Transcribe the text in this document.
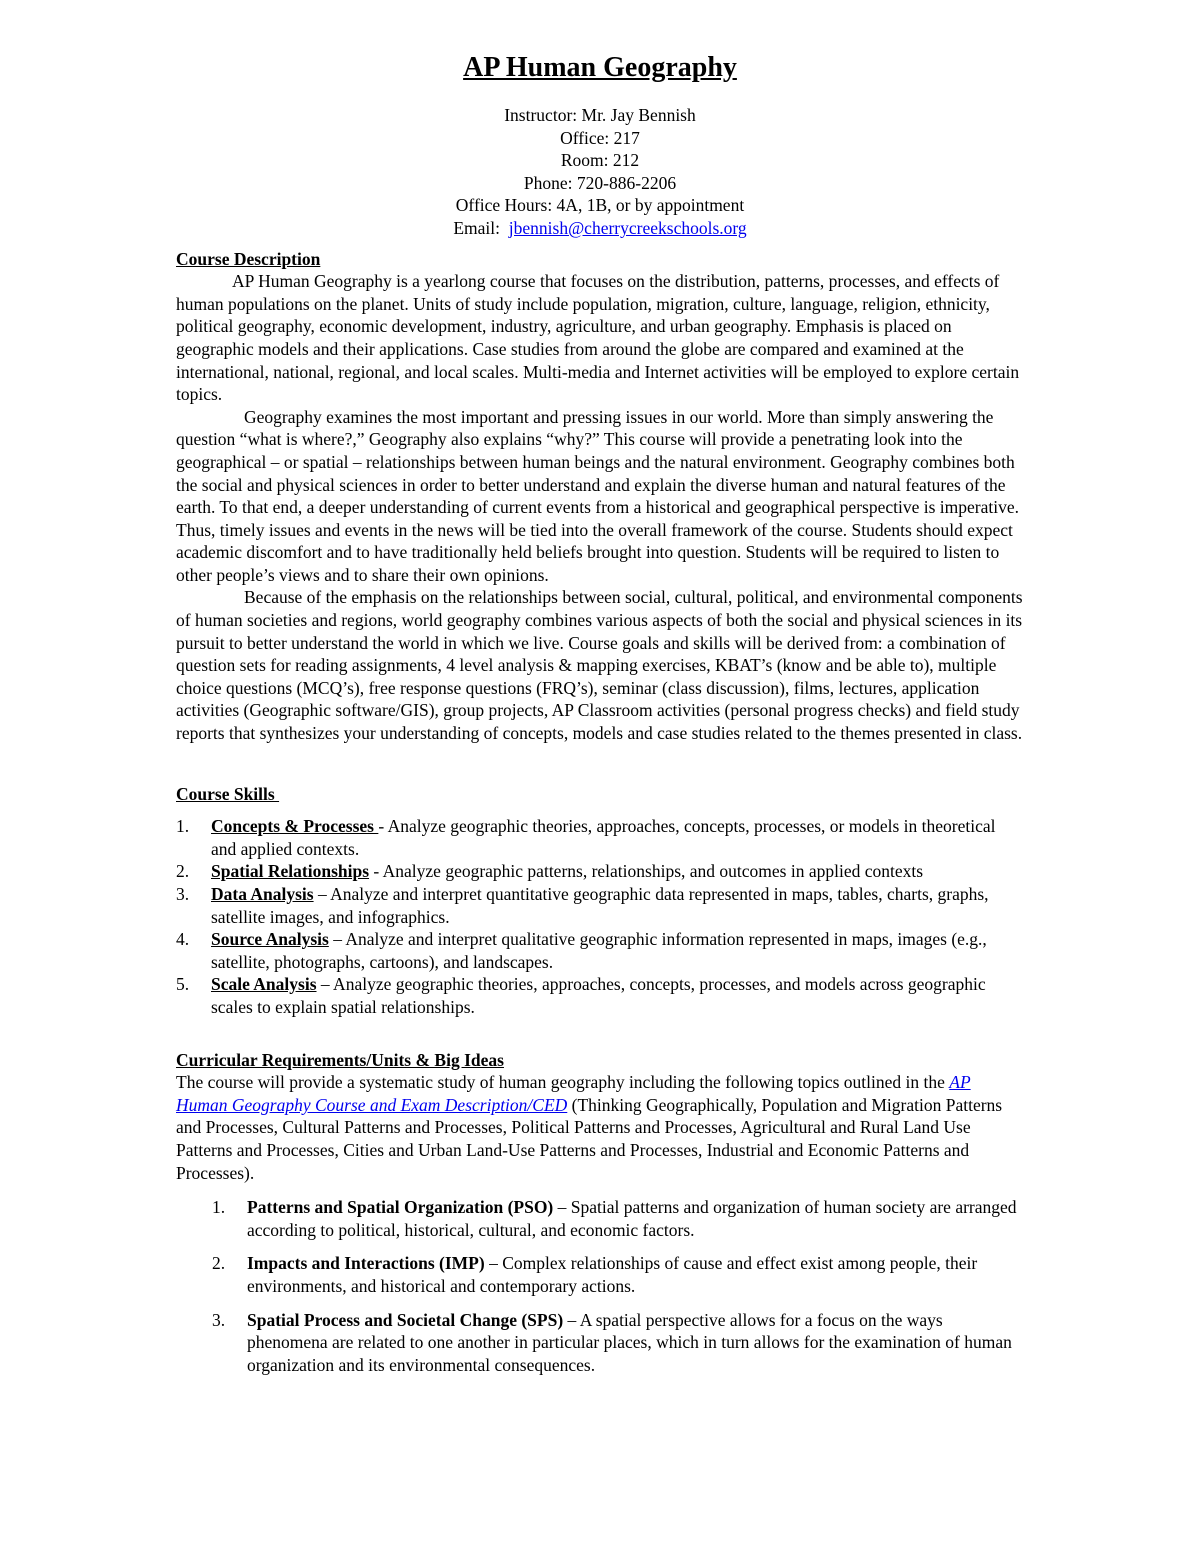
AP Human Geography
Instructor: Mr. Jay Bennish
Office: 217
Room: 212
Phone: 720-886-2206
Office Hours: 4A, 1B, or by appointment
Email:  jbennish@cherrycreekschools.org
Course Description

AP Human Geography is a yearlong course that focuses on the distribution, patterns, processes, and effects of human populations on the planet. Units of study include population, migration, culture, language, religion, ethnicity, political geography, economic development, industry, agriculture, and urban geography. Emphasis is placed on geographic models and their applications. Case studies from around the globe are compared and examined at the international, national, regional, and local scales. Multi-media and Internet activities will be employed to explore certain topics.

Geography examines the most important and pressing issues in our world. More than simply answering the question “what is where?,” Geography also explains “why?” This course will provide a penetrating look into the geographical – or spatial – relationships between human beings and the natural environment. Geography combines both the social and physical sciences in order to better understand and explain the diverse human and natural features of the earth. To that end, a deeper understanding of current events from a historical and geographical perspective is imperative. Thus, timely issues and events in the news will be tied into the overall framework of the course. Students should expect academic discomfort and to have traditionally held beliefs brought into question. Students will be required to listen to other people’s views and to share their own opinions.

Because of the emphasis on the relationships between social, cultural, political, and environmental components of human societies and regions, world geography combines various aspects of both the social and physical sciences in its pursuit to better understand the world in which we live. Course goals and skills will be derived from: a combination of question sets for reading assignments, 4 level analysis & mapping exercises, KBAT’s (know and be able to), multiple choice questions (MCQ’s), free response questions (FRQ’s), seminar (class discussion), films, lectures, application activities (Geographic software/GIS), group projects, AP Classroom activities (personal progress checks) and field study reports that synthesizes your understanding of concepts, models and case studies related to the themes presented in class.

Course Skills
1. Concepts & Processes - Analyze geographic theories, approaches, concepts, processes, or models in theoretical and applied contexts.
2. Spatial Relationships - Analyze geographic patterns, relationships, and outcomes in applied contexts
3. Data Analysis – Analyze and interpret quantitative geographic data represented in maps, tables, charts, graphs, satellite images, and infographics.
4. Source Analysis – Analyze and interpret qualitative geographic information represented in maps, images (e.g., satellite, photographs, cartoons), and landscapes.
5. Scale Analysis – Analyze geographic theories, approaches, concepts, processes, and models across geographic scales to explain spatial relationships.
Curricular Requirements/Units & Big Ideas

The course will provide a systematic study of human geography including the following topics outlined in the AP Human Geography Course and Exam Description/CED (Thinking Geographically, Population and Migration Patterns and Processes, Cultural Patterns and Processes, Political Patterns and Processes, Agricultural and Rural Land Use Patterns and Processes, Cities and Urban Land-Use Patterns and Processes, Industrial and Economic Patterns and Processes).

1. Patterns and Spatial Organization (PSO) – Spatial patterns and organization of human society are arranged according to political, historical, cultural, and economic factors.
2. Impacts and Interactions (IMP) – Complex relationships of cause and effect exist among people, their environments, and historical and contemporary actions.
3. Spatial Process and Societal Change (SPS) – A spatial perspective allows for a focus on the ways phenomena are related to one another in particular places, which in turn allows for the examination of human organization and its environmental consequences.
